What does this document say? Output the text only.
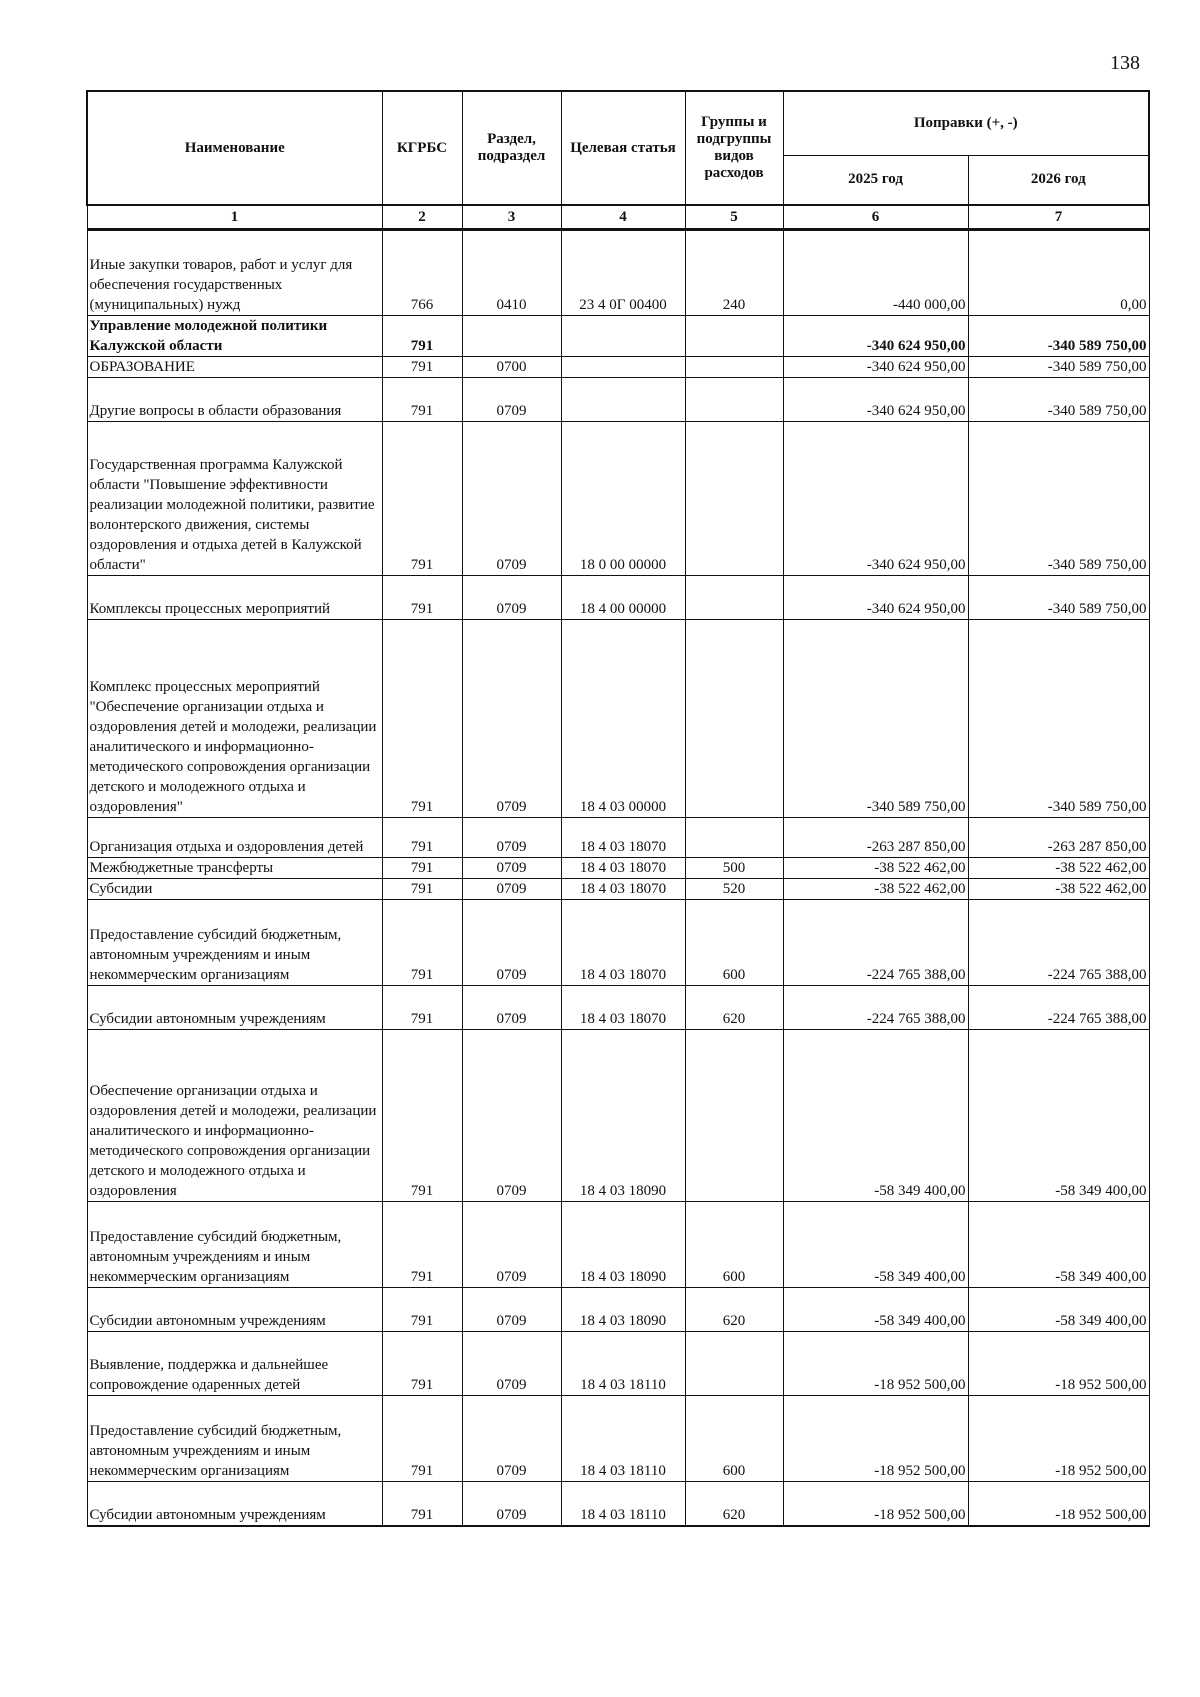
138
Наименование	КГРБС	Раздел, подраздел	Целевая статья	Группы и подгруппы видов расходов	Поправки (+, -)	
					2025 год	2026 год
1	2	3	4	5	6	7
Иные закупки товаров, работ и услуг для обеспечения государственных (муниципальных) нужд	766	0410	23 4 0Г 00400	240	-440 000,00	0,00
Управление молодежной политики Калужской области	791				-340 624 950,00	-340 589 750,00
ОБРАЗОВАНИЕ	791	0700			-340 624 950,00	-340 589 750,00
Другие вопросы в области образования	791	0709			-340 624 950,00	-340 589 750,00
Государственная программа Калужской области "Повышение эффективности реализации молодежной политики, развитие волонтерского движения, системы оздоровления и отдыха детей в Калужской области"	791	0709	18 0 00 00000		-340 624 950,00	-340 589 750,00
Комплексы процессных мероприятий	791	0709	18 4 00 00000		-340 624 950,00	-340 589 750,00
Комплекс процессных мероприятий "Обеспечение организации отдыха и оздоровления детей и молодежи, реализации аналитического и информационно-методического сопровождения организации детского и молодежного отдыха и оздоровления"	791	0709	18 4 03 00000		-340 589 750,00	-340 589 750,00
Организация отдыха и оздоровления детей	791	0709	18 4 03 18070		-263 287 850,00	-263 287 850,00
Межбюджетные трансферты	791	0709	18 4 03 18070	500	-38 522 462,00	-38 522 462,00
Субсидии	791	0709	18 4 03 18070	520	-38 522 462,00	-38 522 462,00
Предоставление субсидий бюджетным, автономным учреждениям и иным некоммерческим организациям	791	0709	18 4 03 18070	600	-224 765 388,00	-224 765 388,00
Субсидии автономным учреждениям	791	0709	18 4 03 18070	620	-224 765 388,00	-224 765 388,00
Обеспечение организации отдыха и оздоровления детей и молодежи, реализации аналитического и информационно-методического сопровождения организации детского и молодежного отдыха и оздоровления	791	0709	18 4 03 18090		-58 349 400,00	-58 349 400,00
Предоставление субсидий бюджетным, автономным учреждениям и иным некоммерческим организациям	791	0709	18 4 03 18090	600	-58 349 400,00	-58 349 400,00
Субсидии автономным учреждениям	791	0709	18 4 03 18090	620	-58 349 400,00	-58 349 400,00
Выявление, поддержка и дальнейшее сопровождение одаренных детей	791	0709	18 4 03 18110		-18 952 500,00	-18 952 500,00
Предоставление субсидий бюджетным, автономным учреждениям и иным некоммерческим организациям	791	0709	18 4 03 18110	600	-18 952 500,00	-18 952 500,00
Субсидии автономным учреждениям	791	0709	18 4 03 18110	620	-18 952 500,00	-18 952 500,00
